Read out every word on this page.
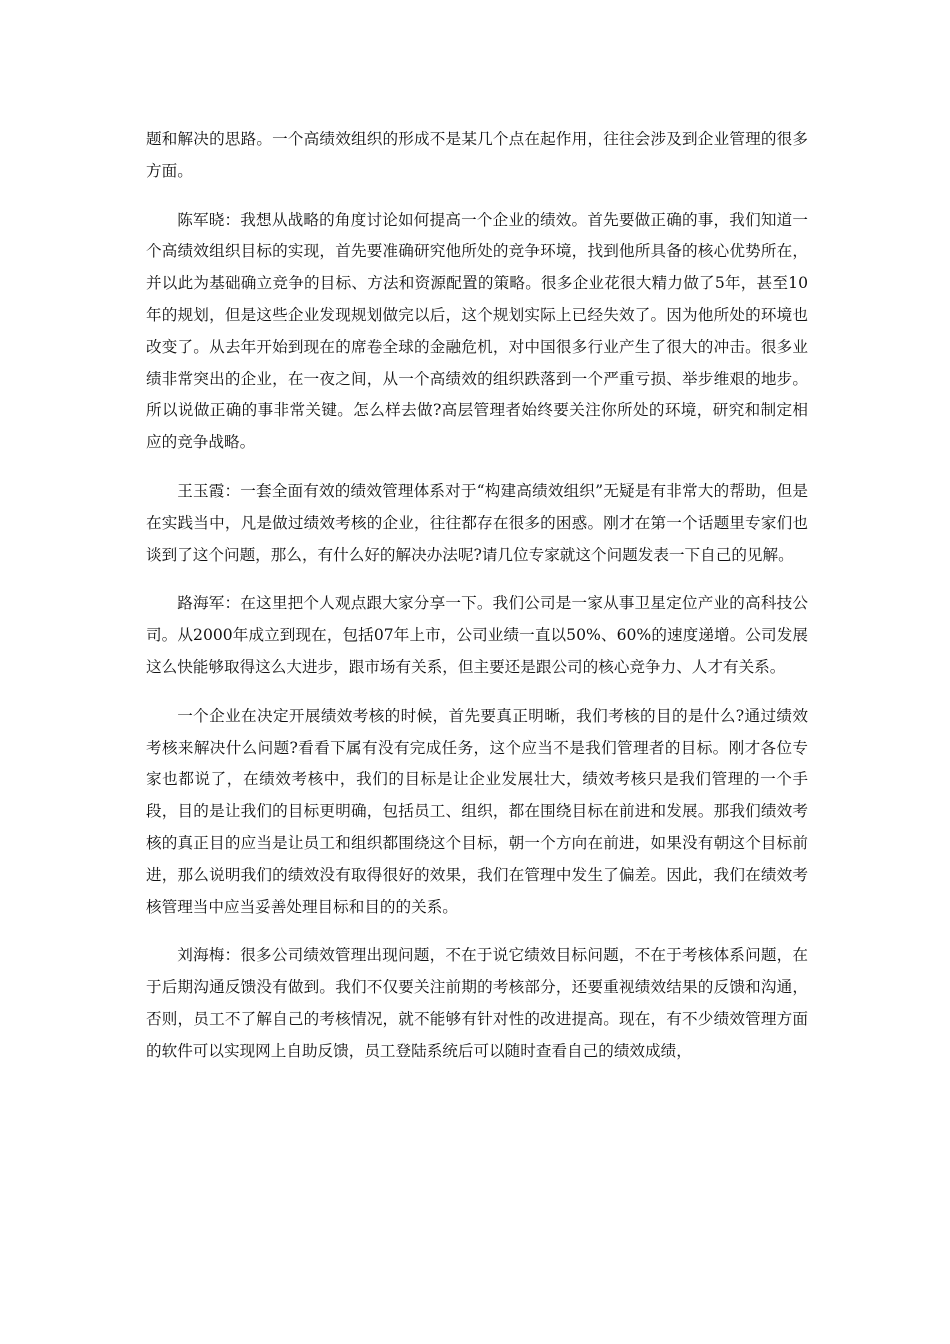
题和解决的思路。一个高绩效组织的形成不是某几个点在起作用，往往会涉及到企业管理的很多方面。

陈军晓：我想从战略的角度讨论如何提高一个企业的绩效。首先要做正确的事，我们知道一个高绩效组织目标的实现，首先要准确研究他所处的竞争环境，找到他所具备的核心优势所在，并以此为基础确立竞争的目标、方法和资源配置的策略。很多企业花很大精力做了5年，甚至10年的规划，但是这些企业发现规划做完以后，这个规划实际上已经失效了。因为他所处的环境也改变了。从去年开始到现在的席卷全球的金融危机，对中国很多行业产生了很大的冲击。很多业绩非常突出的企业，在一夜之间，从一个高绩效的组织跌落到一个严重亏损、举步维艰的地步。所以说做正确的事非常关键。怎么样去做?高层管理者始终要关注你所处的环境，研究和制定相应的竞争战略。

王玉霞：一套全面有效的绩效管理体系对于“构建高绩效组织”无疑是有非常大的帮助，但是在实践当中，凡是做过绩效考核的企业，往往都存在很多的困惑。刚才在第一个话题里专家们也谈到了这个问题，那么，有什么好的解决办法呢?请几位专家就这个问题发表一下自己的见解。

路海军：在这里把个人观点跟大家分享一下。我们公司是一家从事卫星定位产业的高科技公司。从2000年成立到现在，包括07年上市，公司业绩一直以50%、60%的速度递增。公司发展这么快能够取得这么大进步，跟市场有关系，但主要还是跟公司的核心竞争力、人才有关系。

一个企业在决定开展绩效考核的时候，首先要真正明晰，我们考核的目的是什么?通过绩效考核来解决什么问题?看看下属有没有完成任务，这个应当不是我们管理者的目标。刚才各位专家也都说了，在绩效考核中，我们的目标是让企业发展壮大，绩效考核只是我们管理的一个手段，目的是让我们的目标更明确，包括员工、组织，都在围绕目标在前进和发展。那我们绩效考核的真正目的应当是让员工和组织都围绕这个目标，朝一个方向在前进，如果没有朝这个目标前进，那么说明我们的绩效没有取得很好的效果，我们在管理中发生了偏差。因此，我们在绩效考核管理当中应当妥善处理目标和目的的关系。

刘海梅：很多公司绩效管理出现问题，不在于说它绩效目标问题，不在于考核体系问题，在于后期沟通反馈没有做到。我们不仅要关注前期的考核部分，还要重视绩效结果的反馈和沟通，否则，员工不了解自己的考核情况，就不能够有针对性的改进提高。现在，有不少绩效管理方面的软件可以实现网上自助反馈，员工登陆系统后可以随时查看自己的绩效成绩，
